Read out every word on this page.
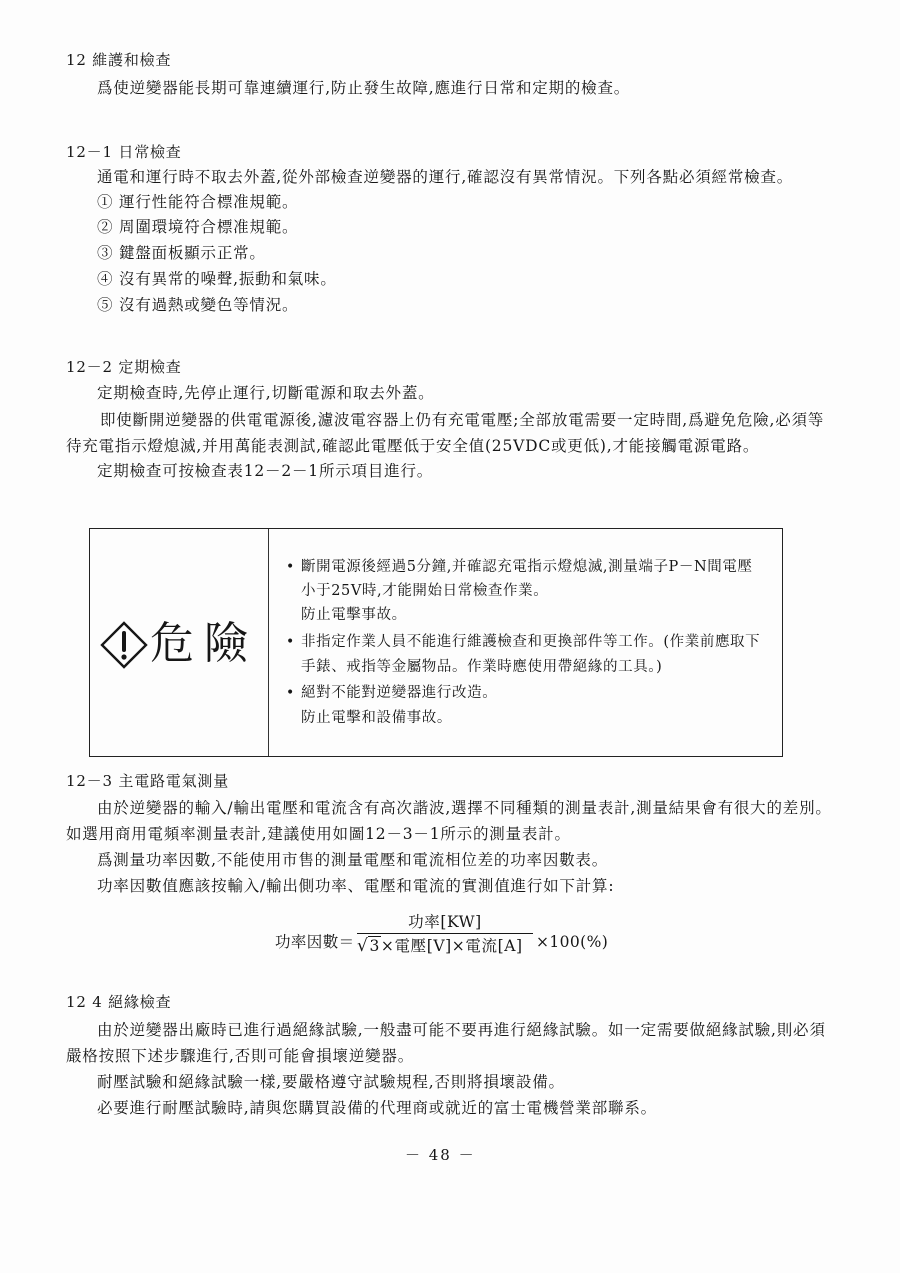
12 維護和檢查
爲使逆變器能長期可靠連續運行,防止發生故障,應進行日常和定期的檢查。
12－1 日常檢查
通電和運行時不取去外蓋,從外部檢查逆變器的運行,確認沒有異常情況。下列各點必須經常檢查。
① 運行性能符合標准規範。
② 周圍環境符合標准規範。
③ 鍵盤面板顯示正常。
④ 沒有異常的噪聲,振動和氣味。
⑤ 沒有過熱或變色等情況。
12－2 定期檢查
定期檢查時,先停止運行,切斷電源和取去外蓋。
即使斷開逆變器的供電電源後,濾波電容器上仍有充電電壓;全部放電需要一定時間,爲避免危險,必須等
待充電指示燈熄滅,并用萬能表測試,確認此電壓低于安全值(25VDC或更低),才能接觸電源電路。
定期檢查可按檢查表12－2－1所示項目進行。
危險
• 斷開電源後經過5分鐘,并確認充電指示燈熄滅,測量端子P－N間電壓
小于25V時,才能開始日常檢查作業。
防止電擊事故。
• 非指定作業人員不能進行維護檢查和更換部件等工作。(作業前應取下
手錶、戒指等金屬物品。作業時應使用帶絕緣的工具。)
• 絕對不能對逆變器進行改造。
防止電擊和設備事故。
12－3 主電路電氣測量
由於逆變器的輸入/輸出電壓和電流含有高次諧波,選擇不同種類的測量表計,測量結果會有很大的差別。
如選用商用電頻率測量表計,建議使用如圖12－3－1所示的測量表計。
爲測量功率因數,不能使用市售的測量電壓和電流相位差的功率因數表。
功率因數值應該按輸入/輸出側功率、電壓和電流的實測值進行如下計算:
功率因數＝
功率[KW]
√3×電壓[V]×電流[A] ×100(%)
12 4 絕緣檢查
由於逆變器出廠時已進行過絕緣試驗,一般盡可能不要再進行絕緣試驗。如一定需要做絕緣試驗,則必須
嚴格按照下述步驟進行,否則可能會損壞逆變器。
耐壓試驗和絕緣試驗一樣,要嚴格遵守試驗規程,否則將損壞設備。
必要進行耐壓試驗時,請與您購買設備的代理商或就近的富士電機營業部聯系。
－ 48 －
